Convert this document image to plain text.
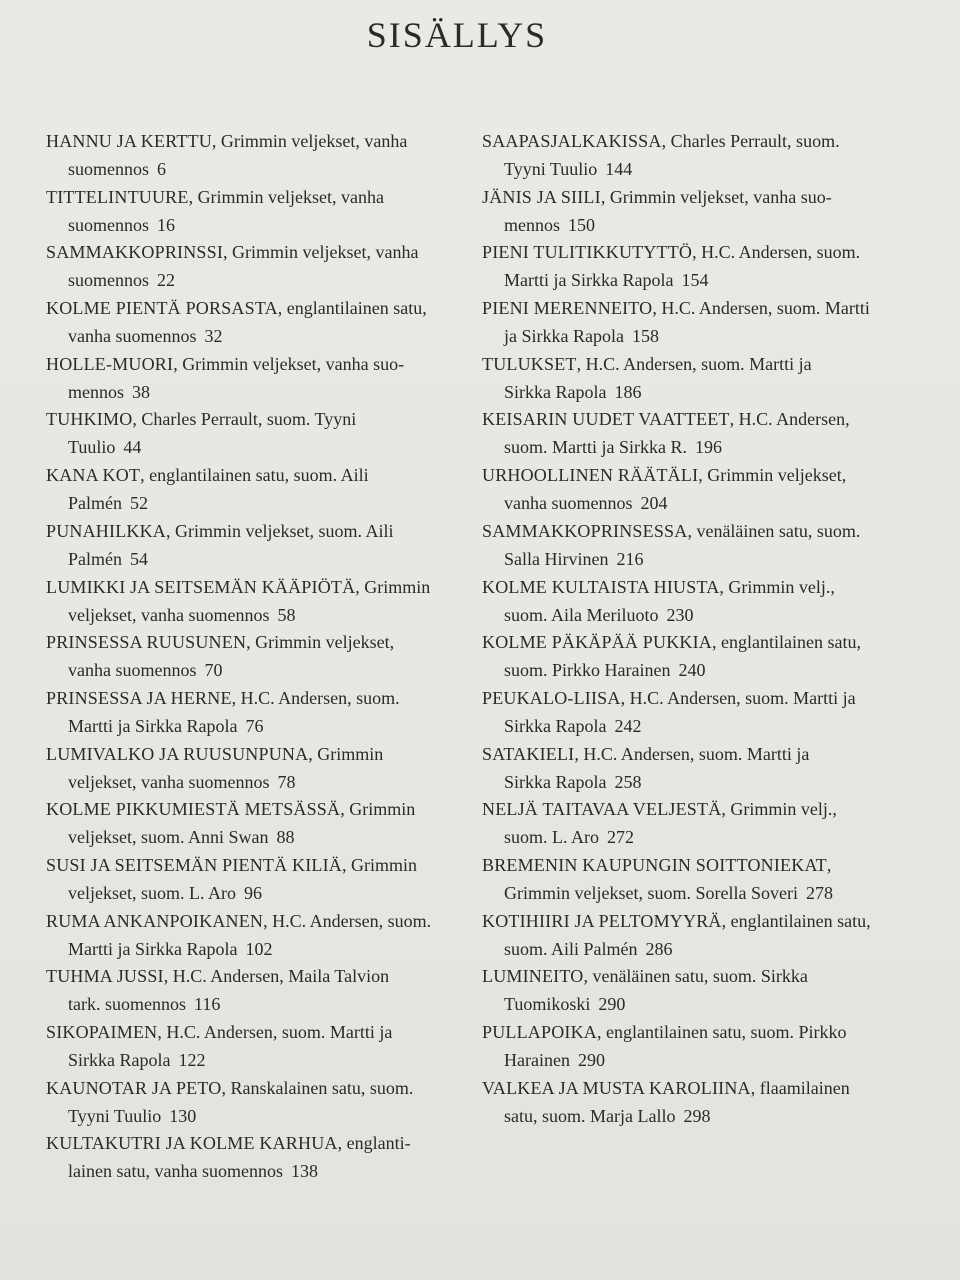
SISÄLLYS
HANNU JA KERTTU, Grimmin veljekset, vanha
suomennos 6
TITTELINTUURE, Grimmin veljekset, vanha
suomennos 16
SAMMAKKOPRINSSI, Grimmin veljekset, vanha
suomennos 22
KOLME PIENTÄ PORSASTA, englantilainen satu,
vanha suomennos 32
HOLLE-MUORI, Grimmin veljekset, vanha suo-
mennos 38
TUHKIMO, Charles Perrault, suom. Tyyni
Tuulio 44
KANA KOT, englantilainen satu, suom. Aili
Palmén 52
PUNAHILKKA, Grimmin veljekset, suom. Aili
Palmén 54
LUMIKKI JA SEITSEMÄN KÄÄPIÖTÄ, Grimmin
veljekset, vanha suomennos 58
PRINSESSA RUUSUNEN, Grimmin veljekset,
vanha suomennos 70
PRINSESSA JA HERNE, H.C. Andersen, suom.
Martti ja Sirkka Rapola 76
LUMIVALKO JA RUUSUNPUNA, Grimmin
veljekset, vanha suomennos 78
KOLME PIKKUMIESTÄ METSÄSSÄ, Grimmin
veljekset, suom. Anni Swan 88
SUSI JA SEITSEMÄN PIENTÄ KILIÄ, Grimmin
veljekset, suom. L. Aro 96
RUMA ANKANPOIKANEN, H.C. Andersen, suom.
Martti ja Sirkka Rapola 102
TUHMA JUSSI, H.C. Andersen, Maila Talvion
tark. suomennos 116
SIKOPAIMEN, H.C. Andersen, suom. Martti ja
Sirkka Rapola 122
KAUNOTAR JA PETO, Ranskalainen satu, suom.
Tyyni Tuulio 130
KULTAKUTRI JA KOLME KARHUA, englanti-
lainen satu, vanha suomennos 138
SAAPASJALKAKISSA, Charles Perrault, suom.
Tyyni Tuulio 144
JÄNIS JA SIILI, Grimmin veljekset, vanha suo-
mennos 150
PIENI TULITIKKUTYTTÖ, H.C. Andersen, suom.
Martti ja Sirkka Rapola 154
PIENI MERENNEITO, H.C. Andersen, suom. Martti
ja Sirkka Rapola 158
TULUKSET, H.C. Andersen, suom. Martti ja
Sirkka Rapola 186
KEISARIN UUDET VAATTEET, H.C. Andersen,
suom. Martti ja Sirkka R. 196
URHOOLLINEN RÄÄTÄLI, Grimmin veljekset,
vanha suomennos 204
SAMMAKKOPRINSESSA, venäläinen satu, suom.
Salla Hirvinen 216
KOLME KULTAISTA HIUSTA, Grimmin velj.,
suom. Aila Meriluoto 230
KOLME PÄKÄPÄÄ PUKKIA, englantilainen satu,
suom. Pirkko Harainen 240
PEUKALO-LIISA, H.C. Andersen, suom. Martti ja
Sirkka Rapola 242
SATAKIELI, H.C. Andersen, suom. Martti ja
Sirkka Rapola 258
NELJÄ TAITAVAA VELJESTÄ, Grimmin velj.,
suom. L. Aro 272
BREMENIN KAUPUNGIN SOITTONIEKAT,
Grimmin veljekset, suom. Sorella Soveri 278
KOTIHIIRI JA PELTOMYYRÄ, englantilainen satu,
suom. Aili Palmén 286
LUMINEITO, venäläinen satu, suom. Sirkka
Tuomikoski 290
PULLAPOIKA, englantilainen satu, suom. Pirkko
Harainen 290
VALKEA JA MUSTA KAROLIINA, flaamilainen
satu, suom. Marja Lallo 298
